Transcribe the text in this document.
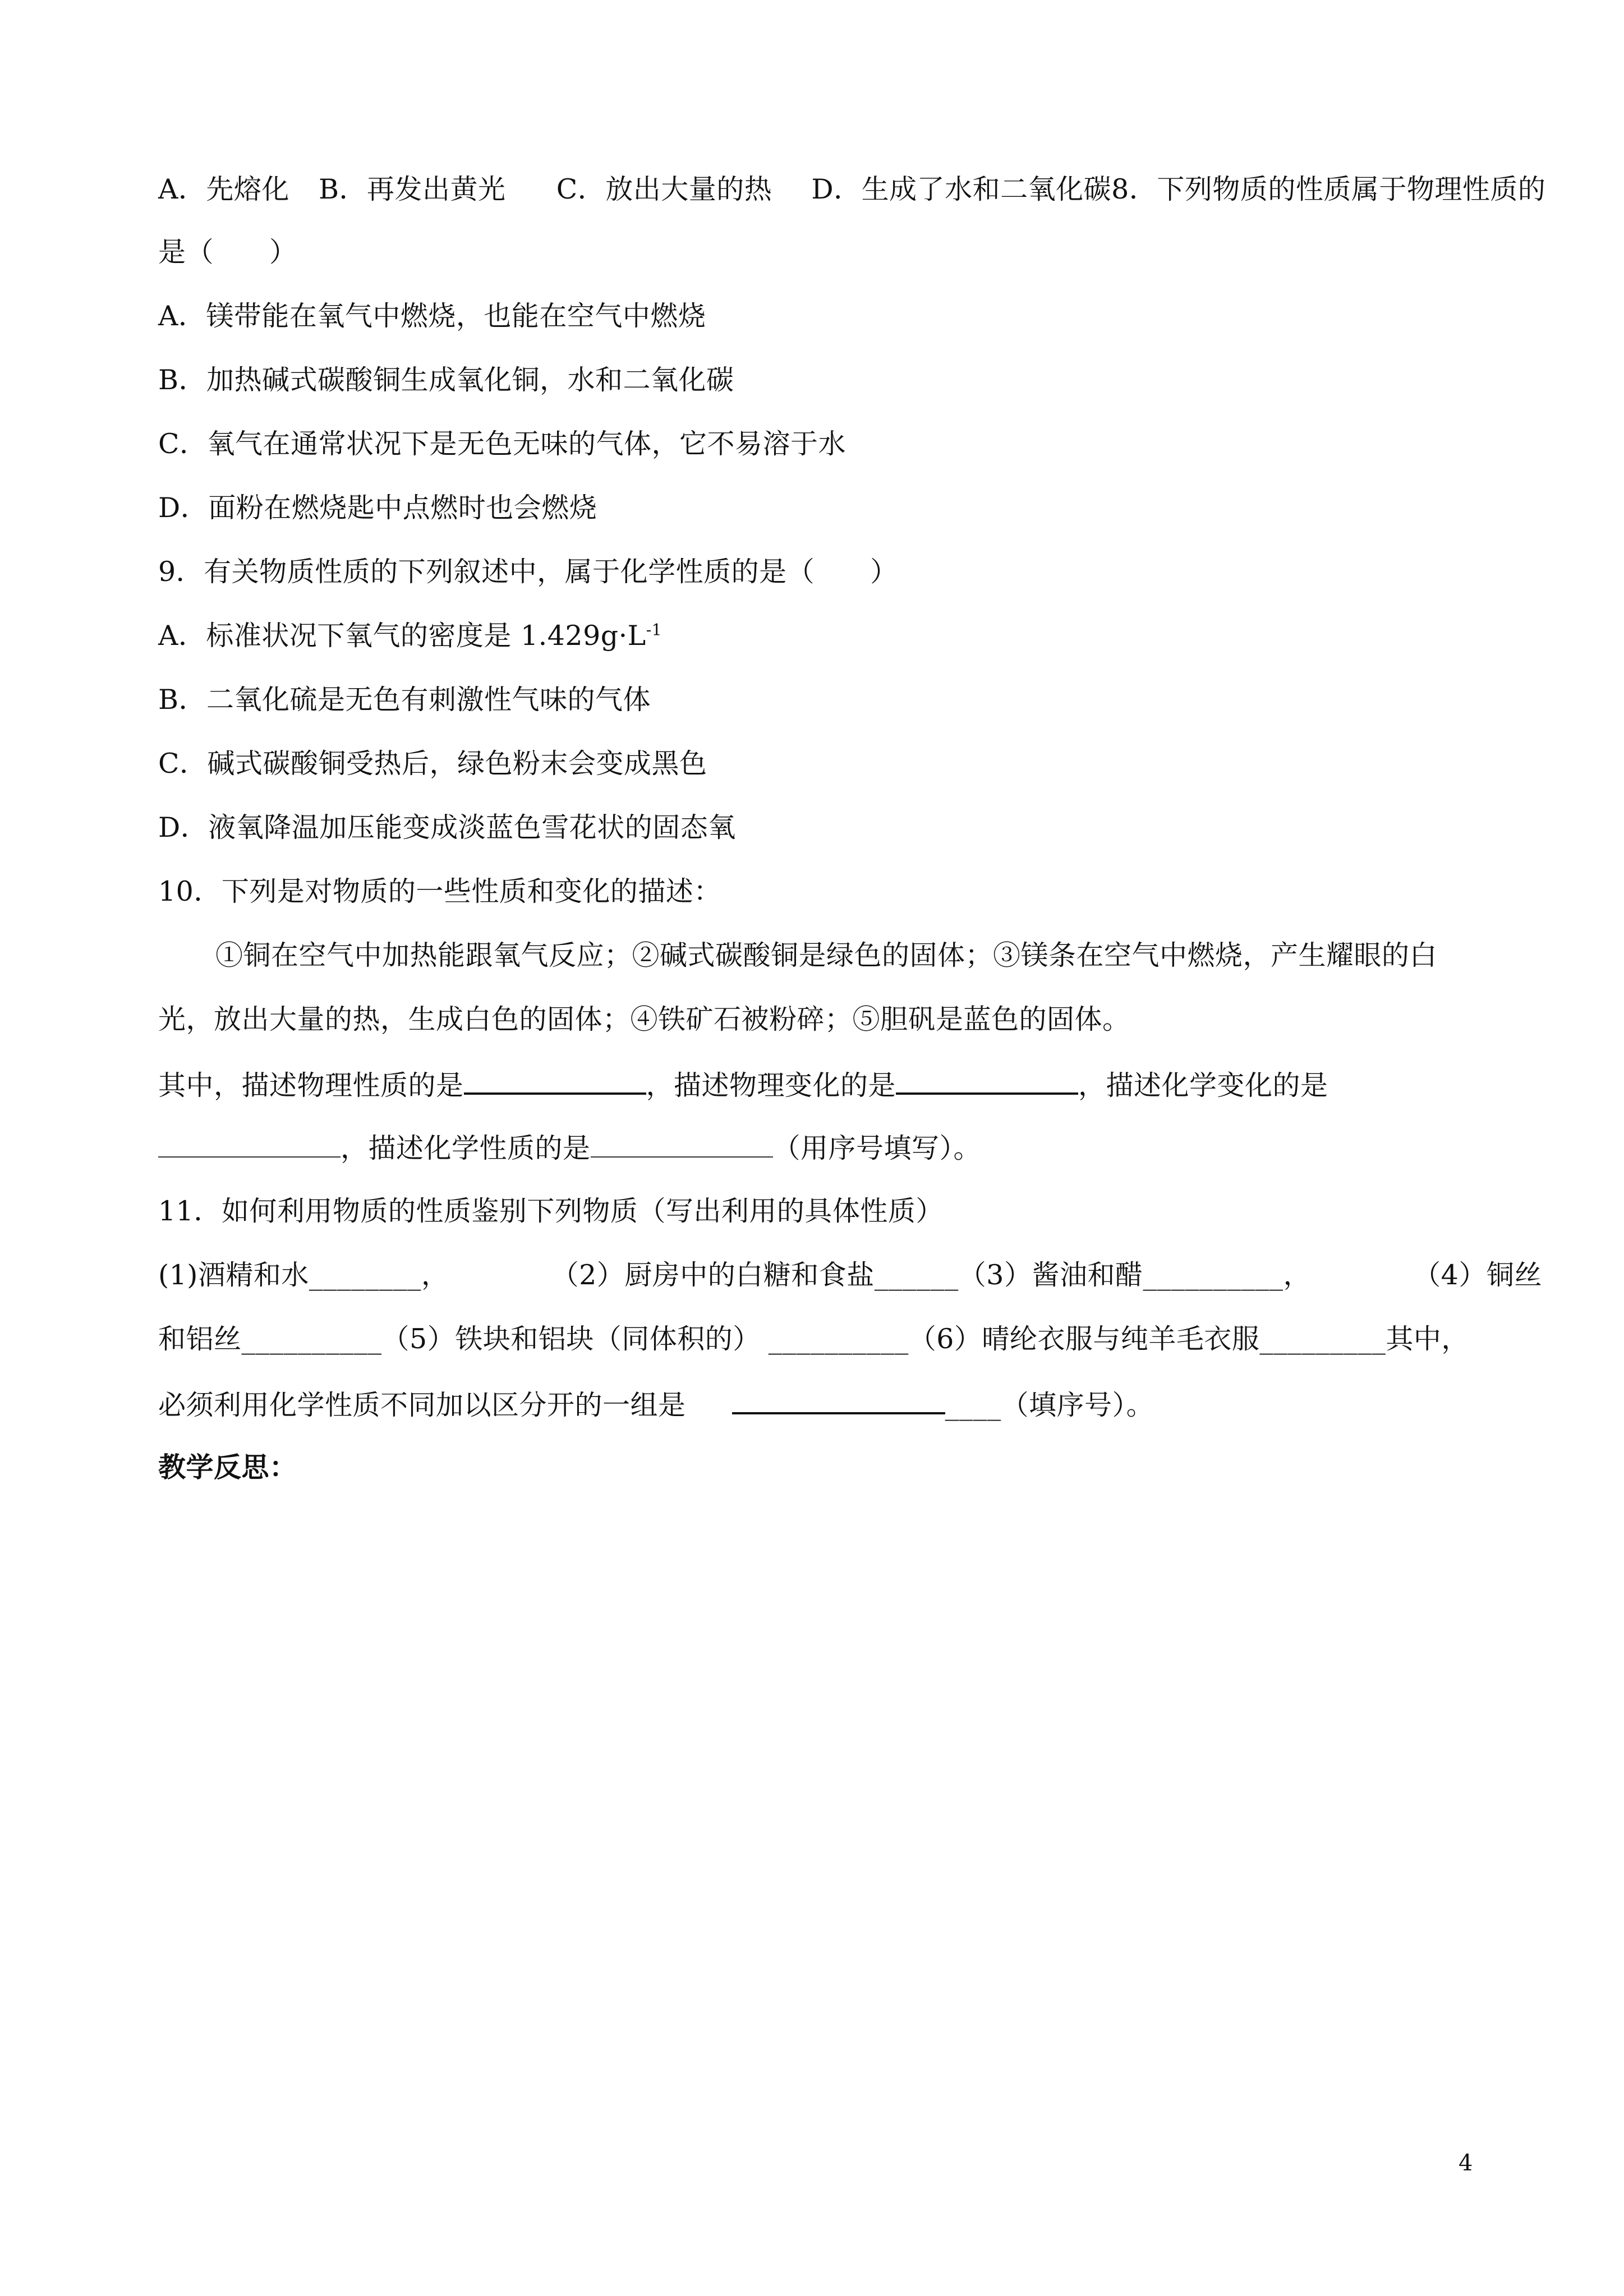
A．先熔化 B．再发出黄光 C．放出大量的热 D．生成了水和二氧化碳8．下列物质的性质属于物理性质的
是（　　）
A．镁带能在氧气中燃烧，也能在空气中燃烧
B．加热碱式碳酸铜生成氧化铜，水和二氧化碳
C．氧气在通常状况下是无色无味的气体，它不易溶于水
D．面粉在燃烧匙中点燃时也会燃烧
9．有关物质性质的下列叙述中，属于化学性质的是（　　）
A．标准状况下氧气的密度是 $1.429g\cdot L^{-1}$
B．二氧化硫是无色有刺激性气味的气体
C．碱式碳酸铜受热后，绿色粉末会变成黑色
D．液氧降温加压能变成淡蓝色雪花状的固态氧
10．下列是对物质的一些性质和变化的描述：
①铜在空气中加热能跟氧气反应；②碱式碳酸铜是绿色的固体；③镁条在空气中燃烧，产生耀眼的白
光，放出大量的热，生成白色的固体；④铁矿石被粉碎；⑤胆矾是蓝色的固体。
其中，描述物理性质的是	，描述物理变化的是	，描述化学变化的是
，描述化学性质的是	（用序号填写）。
11．如何利用物质的性质鉴别下列物质（写出利用的具体性质）
(1)酒精和水________，	（2）厨房中的白糖和食盐______（3）酱油和醋__________，	（4）铜丝
和铝丝__________（5）铁块和铝块（同体积的） __________（6）晴纶衣服与纯羊毛衣服_________其中，
必须利用化学性质不同加以区分开的一组是	____（填序号）。
教学反思：
4
